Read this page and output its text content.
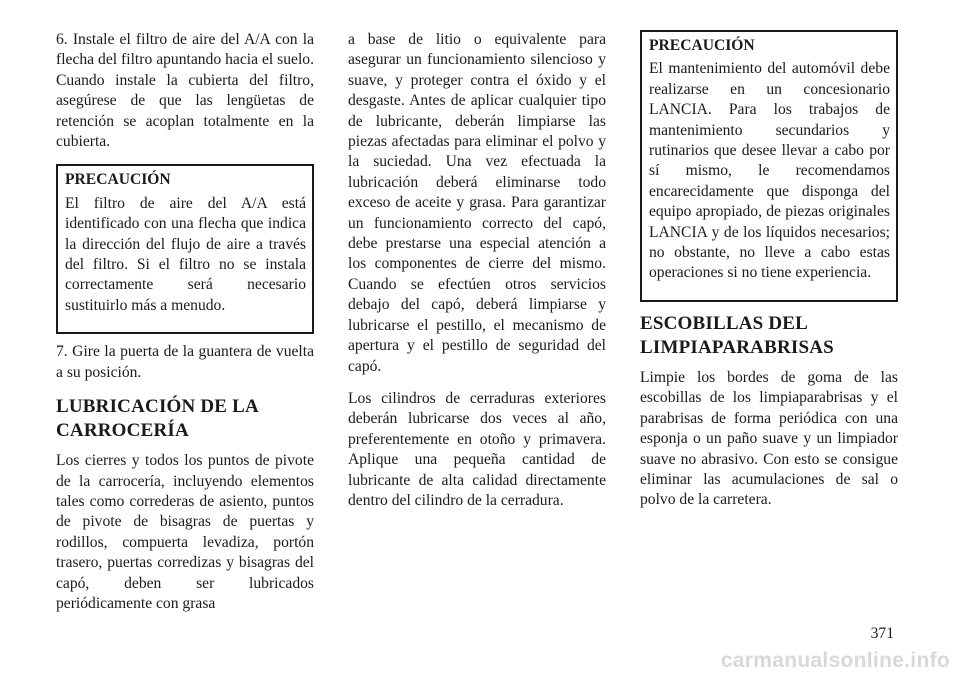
6. Instale el filtro de aire del A/A con la flecha del filtro apuntando hacia el suelo. Cuando instale la cubierta del filtro, asegúrese de que las lengüetas de retención se acoplan totalmente en la cubierta.

PRECAUCIÓN

El filtro de aire del A/A está identificado con una flecha que indica la dirección del flujo de aire a través del filtro. Si el filtro no se instala correctamente será necesario sustituirlo más a menudo.

7. Gire la puerta de la guantera de vuelta a su posición.

LUBRICACIÓN DE LA CARROCERÍA

Los cierres y todos los puntos de pivote de la carrocería, incluyendo elementos tales como correderas de asiento, puntos de pivote de bisagras de puertas y rodillos, compuerta levadiza, portón trasero, puertas corredizas y bisagras del capó, deben ser lubricados periódicamente con grasa

a base de litio o equivalente para asegurar un funcionamiento silencioso y suave, y proteger contra el óxido y el desgaste. Antes de aplicar cualquier tipo de lubricante, deberán limpiarse las piezas afectadas para eliminar el polvo y la suciedad. Una vez efectuada la lubricación deberá eliminarse todo exceso de aceite y grasa. Para garantizar un funcionamiento correcto del capó, debe prestarse una especial atención a los componentes de cierre del mismo. Cuando se efectúen otros servicios debajo del capó, deberá limpiarse y lubricarse el pestillo, el mecanismo de apertura y el pestillo de seguridad del capó.

Los cilindros de cerraduras exteriores deberán lubricarse dos veces al año, preferentemente en otoño y primavera. Aplique una pequeña cantidad de lubricante de alta calidad directamente dentro del cilindro de la cerradura.

PRECAUCIÓN

El mantenimiento del automóvil debe realizarse en un concesionario LANCIA. Para los trabajos de mantenimiento secundarios y rutinarios que desee llevar a cabo por sí mismo, le recomendamos encarecidamente que disponga del equipo apropiado, de piezas originales LANCIA y de los líquidos necesarios; no obstante, no lleve a cabo estas operaciones si no tiene experiencia.

ESCOBILLAS DEL LIMPIAPARABRISAS

Limpie los bordes de goma de las escobillas de los limpiaparabrisas y el parabrisas de forma periódica con una esponja o un paño suave y un limpiador suave no abrasivo. Con esto se consigue eliminar las acumulaciones de sal o polvo de la carretera.

371
carmanualsonline.info
